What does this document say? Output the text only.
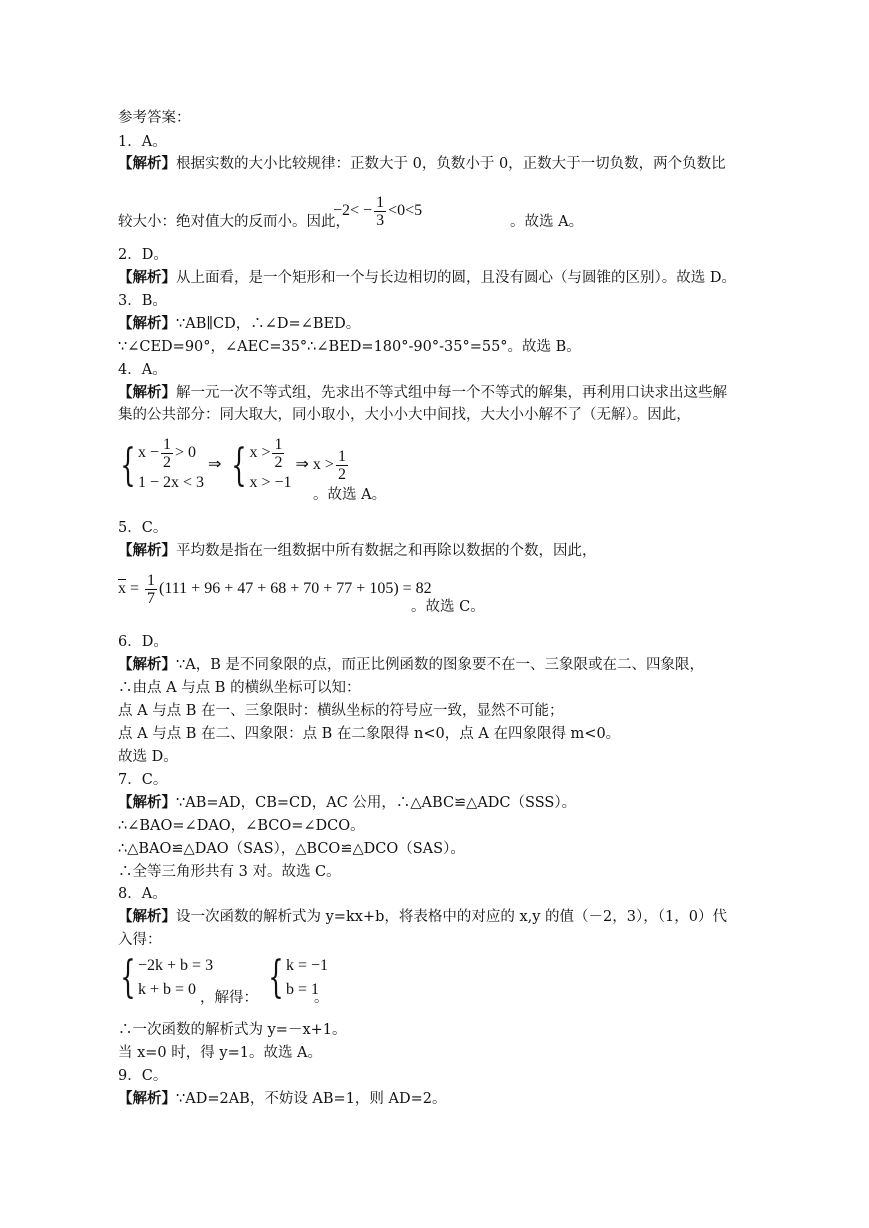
参考答案：
1．A。
【解析】根据实数的大小比较规律：正数大于 0，负数小于 0，正数大于一切负数，两个负数比
$-2< - \frac{1}{3} <0<5$
较大小：绝对值大的反而小。因此，	。故选 A。
2．D。
【解析】从上面看，是一个矩形和一个与长边相切的圆，且没有圆心（与圆锥的区别）。故选 D。
3．B。
【解析】∵AB∥CD，∴∠D=∠BED。
∵∠CED=90°，∠AEC=35°∴∠BED=180°-90°-35°=55°。故选 B。
4．A。
【解析】解一元一次不等式组，先求出不等式组中每一个不等式的解集，再利用口诀求出这些解
集的公共部分：同大取大，同小取小，大小小大中间找，大大小小解不了（无解）。因此，
{ $x - \frac{1}{2} > 0$
1 − 2x < 3
⇒ { $x > \frac{1}{2}$
x > −1
⇒ $x > \frac{1}{2}$
。故选 A。
5．C。
【解析】平均数是指在一组数据中所有数据之和再除以数据的个数，因此，
$\overline{x} = \frac{1}{7} (111 + 96 + 47 + 68 + 70 + 77 + 105) = 82$
。故选 C。
6．D。
【解析】∵A，B 是不同象限的点，而正比例函数的图象要不在一、三象限或在二、四象限，
∴由点 A 与点 B 的横纵坐标可以知：
点 A 与点 B 在一、三象限时：横纵坐标的符号应一致，显然不可能；
点 A 与点 B 在二、四象限：点 B 在二象限得 n<0，点 A 在四象限得 m<0。
故选 D。
7．C。
【解析】∵AB=AD，CB=CD，AC 公用，∴△ABC≌△ADC（SSS）。
∴∠BAO=∠DAO，∠BCO=∠DCO。
∴△BAO≌△DAO（SAS），△BCO≌△DCO（SAS）。
∴全等三角形共有 3 对。故选 C。
8．A。
【解析】设一次函数的解析式为 y=kx+b，将表格中的对应的 x,y 的值（－2，3），（1，0）代
入得：
{ −2k + b = 3
k + b = 0 ，解得： { k = −1
b = 1
。
∴一次函数的解析式为 y=－x+1。
当 x=0 时，得 y=1。故选 A。
9．C。
【解析】∵AD=2AB，不妨设 AB=1，则 AD=2。
